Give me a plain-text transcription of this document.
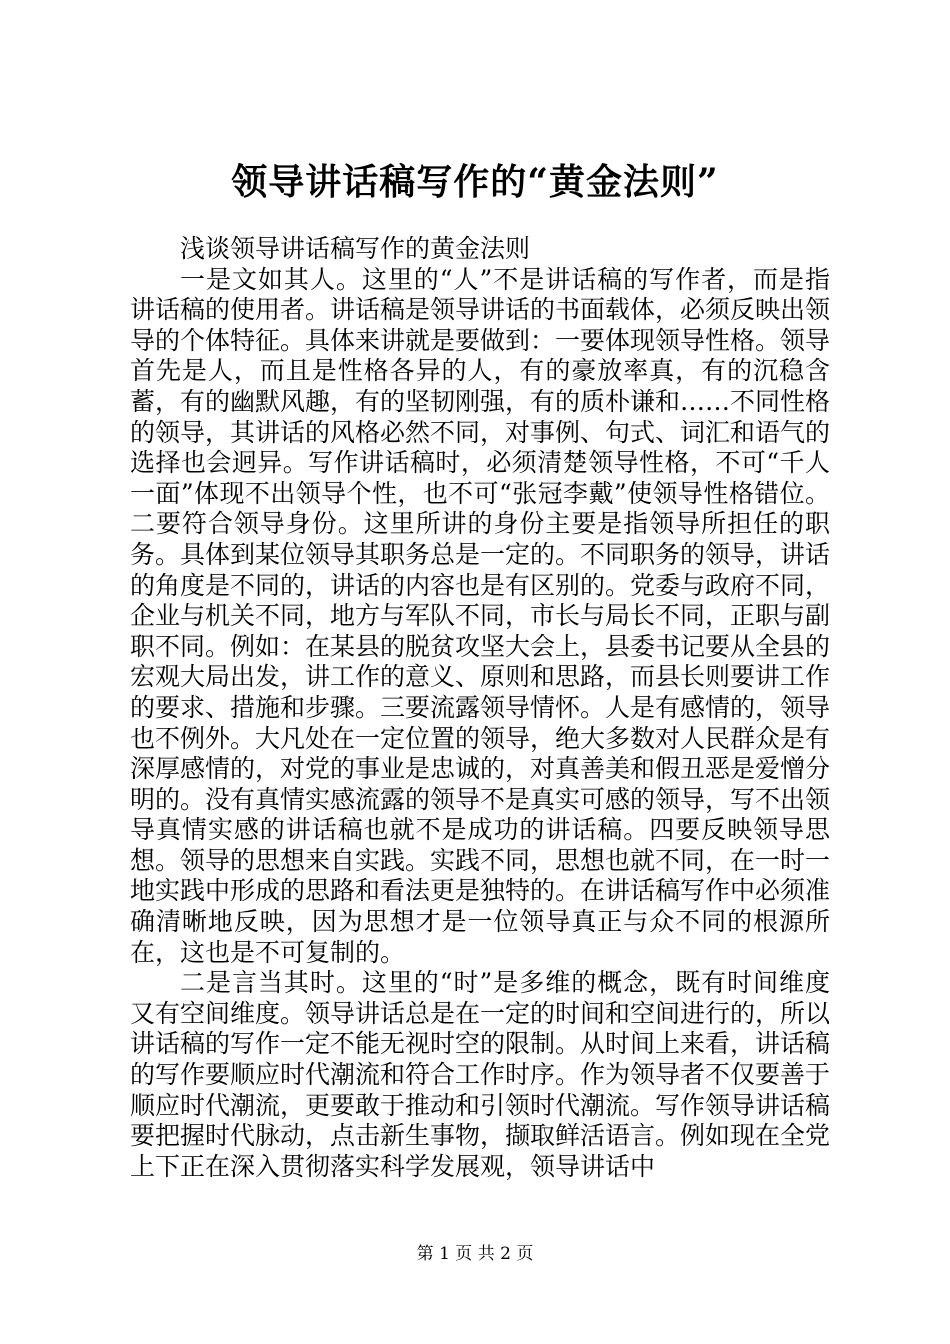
领导讲话稿写作的“黄金法则”

浅谈领导讲话稿写作的黄金法则

一是文如其人。这里的“人”不是讲话稿的写作者，而是指讲话稿的使用者。讲话稿是领导讲话的书面载体，必须反映出领导的个体特征。具体来讲就是要做到：一要体现领导性格。领导首先是人，而且是性格各异的人，有的豪放率真，有的沉稳含蓄，有的幽默风趣，有的坚韧刚强，有的质朴谦和……不同性格的领导，其讲话的风格必然不同，对事例、句式、词汇和语气的选择也会迥异。写作讲话稿时，必须清楚领导性格，不可“千人一面”体现不出领导个性，也不可“张冠李戴”使领导性格错位。二要符合领导身份。这里所讲的身份主要是指领导所担任的职务。具体到某位领导其职务总是一定的。不同职务的领导，讲话的角度是不同的，讲话的内容也是有区别的。党委与政府不同，企业与机关不同，地方与军队不同，市长与局长不同，正职与副职不同。例如：在某县的脱贫攻坚大会上，县委书记要从全县的宏观大局出发，讲工作的意义、原则和思路，而县长则要讲工作的要求、措施和步骤。三要流露领导情怀。人是有感情的，领导也不例外。大凡处在一定位置的领导，绝大多数对人民群众是有深厚感情的，对党的事业是忠诚的，对真善美和假丑恶是爱憎分明的。没有真情实感流露的领导不是真实可感的领导，写不出领导真情实感的讲话稿也就不是成功的讲话稿。四要反映领导思想。领导的思想来自实践。实践不同，思想也就不同，在一时一地实践中形成的思路和看法更是独特的。在讲话稿写作中必须准确清晰地反映，因为思想才是一位领导真正与众不同的根源所在，这也是不可复制的。

二是言当其时。这里的“时”是多维的概念，既有时间维度又有空间维度。领导讲话总是在一定的时间和空间进行的，所以讲话稿的写作一定不能无视时空的限制。从时间上来看，讲话稿的写作要顺应时代潮流和符合工作时序。作为领导者不仅要善于顺应时代潮流，更要敢于推动和引领时代潮流。写作领导讲话稿要把握时代脉动，点击新生事物，撷取鲜活语言。例如现在全党上下正在深入贯彻落实科学发展观，领导讲话中

第 1 页 共 2 页
